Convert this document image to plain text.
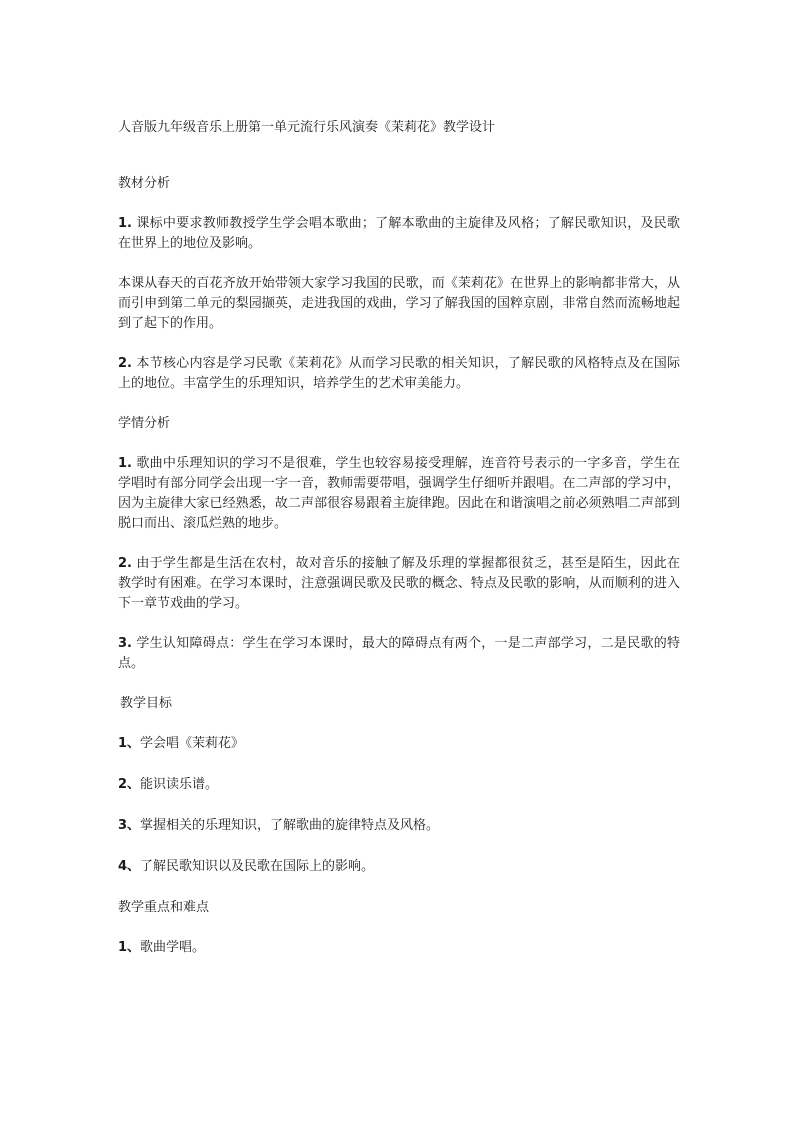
人音版九年级音乐上册第一单元流行乐风演奏《茉莉花》教学设计
教材分析
1. 课标中要求教师教授学生学会唱本歌曲；了解本歌曲的主旋律及风格；了解民歌知识，及民歌在世界上的地位及影响。
本课从春天的百花齐放开始带领大家学习我国的民歌，而《茉莉花》在世界上的影响都非常大，从而引申到第二单元的梨园撷英，走进我国的戏曲，学习了解我国的国粹京剧，非常自然而流畅地起到了起下的作用。
2. 本节核心内容是学习民歌《茉莉花》从而学习民歌的相关知识，了解民歌的风格特点及在国际上的地位。丰富学生的乐理知识，培养学生的艺术审美能力。
学情分析
1. 歌曲中乐理知识的学习不是很难，学生也较容易接受理解，连音符号表示的一字多音，学生在学唱时有部分同学会出现一字一音，教师需要带唱，强调学生仔细听并跟唱。在二声部的学习中，因为主旋律大家已经熟悉，故二声部很容易跟着主旋律跑。因此在和谐演唱之前必须熟唱二声部到脱口而出、滚瓜烂熟的地步。
2. 由于学生都是生活在农村，故对音乐的接触了解及乐理的掌握都很贫乏，甚至是陌生，因此在教学时有困难。在学习本课时，注意强调民歌及民歌的概念、特点及民歌的影响，从而顺利的进入下一章节戏曲的学习。
3. 学生认知障碍点：学生在学习本课时，最大的障碍点有两个，一是二声部学习，二是民歌的特点。
教学目标
1、学会唱《茉莉花》
2、能识读乐谱。
3、掌握相关的乐理知识，了解歌曲的旋律特点及风格。
4、了解民歌知识以及民歌在国际上的影响。
教学重点和难点
1、歌曲学唱。
